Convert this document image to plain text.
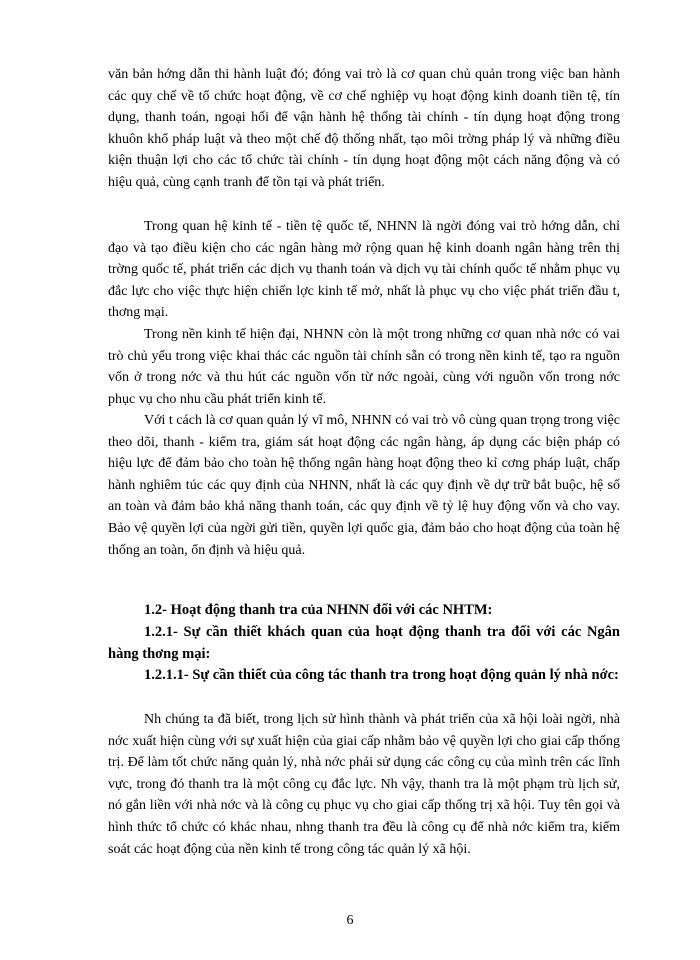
văn bản hớng dẫn thi hành luật đó; đóng vai trò là cơ quan chủ quản trong việc ban hành các quy chế về tổ chức hoạt động, về cơ chế nghiệp vụ hoạt động kinh doanh tiền tệ, tín dụng, thanh toán, ngoại hối để vận hành hệ thống tài chính - tín dụng hoạt động trong khuôn khổ pháp luật và theo một chế độ thống nhất, tạo môi trờng pháp lý và những điều kiện thuận lợi cho các tổ chức tài chính - tín dụng hoạt động một cách năng động và có hiệu quả, cùng cạnh tranh để tồn tại và phát triển.

Trong quan hệ kinh tế - tiền tệ quốc tế, NHNN là ngời đóng vai trò hớng dẫn, chỉ đạo và tạo điều kiện cho các ngân hàng mở rộng quan hệ kinh doanh ngân hàng trên thị trờng quốc tế, phát triển các dịch vụ thanh toán và dịch vụ tài chính quốc tế nhằm phục vụ đắc lực cho việc thực hiện chiến lợc kinh tế mở, nhất là phục vụ cho việc phát triển đầu t, thơng mại.

Trong nền kinh tế hiện đại, NHNN còn là một trong những cơ quan nhà nớc có vai trò chủ yếu trong việc khai thác các nguồn tài chính sẵn có trong nền kinh tế, tạo ra nguồn vốn ở trong nớc và thu hút các nguồn vốn từ nớc ngoài, cùng với nguồn vốn trong nớc phục vụ cho nhu cầu phát triển kinh tế.

Với t cách là cơ quan quản lý vĩ mô, NHNN có vai trò vô cùng quan trọng trong việc theo dõi, thanh - kiểm tra, giám sát hoạt động các ngân hàng, áp dụng các biện pháp có hiệu lực để đảm bảo cho toàn hệ thống ngân hàng hoạt động theo kỉ cơng pháp luật, chấp hành nghiêm túc các quy định của NHNN, nhất là các quy định về dự trữ bắt buộc, hệ số an toàn và đảm bảo khả năng thanh toán, các quy định về tỷ lệ huy động vốn và cho vay. Bảo vệ quyền lợi của ngời gửi tiền, quyền lợi quốc gia, đảm bảo cho hoạt động của toàn hệ thống an toàn, ổn định và hiệu quả.

1.2- Hoạt động thanh tra của NHNN đối với các NHTM:

1.2.1- Sự cần thiết khách quan của hoạt động thanh tra đối với các Ngân hàng thơng mại:

1.2.1.1- Sự cần thiết của công tác thanh tra trong hoạt động quản lý nhà nớc:

Nh chúng ta đã biết, trong lịch sử hình thành và phát triển của xã hội loài ngời, nhà nớc xuất hiện cùng với sự xuất hiện của giai cấp nhằm bảo vệ quyền lợi cho giai cấp thống trị. Để làm tốt chức năng quản lý, nhà nớc phải sử dụng các công cụ của mình trên các lĩnh vực, trong đó thanh tra là một công cụ đắc lực. Nh vậy, thanh tra là một phạm trù lịch sử, nó gắn liền với nhà nớc và là công cụ phục vụ cho giai cấp thống trị xã hội. Tuy tên gọi và hình thức tổ chức có khác nhau, nhng thanh tra đều là công cụ để nhà nớc kiểm tra, kiểm soát các hoạt động của nền kinh tế trong công tác quản lý xã hội.

6
